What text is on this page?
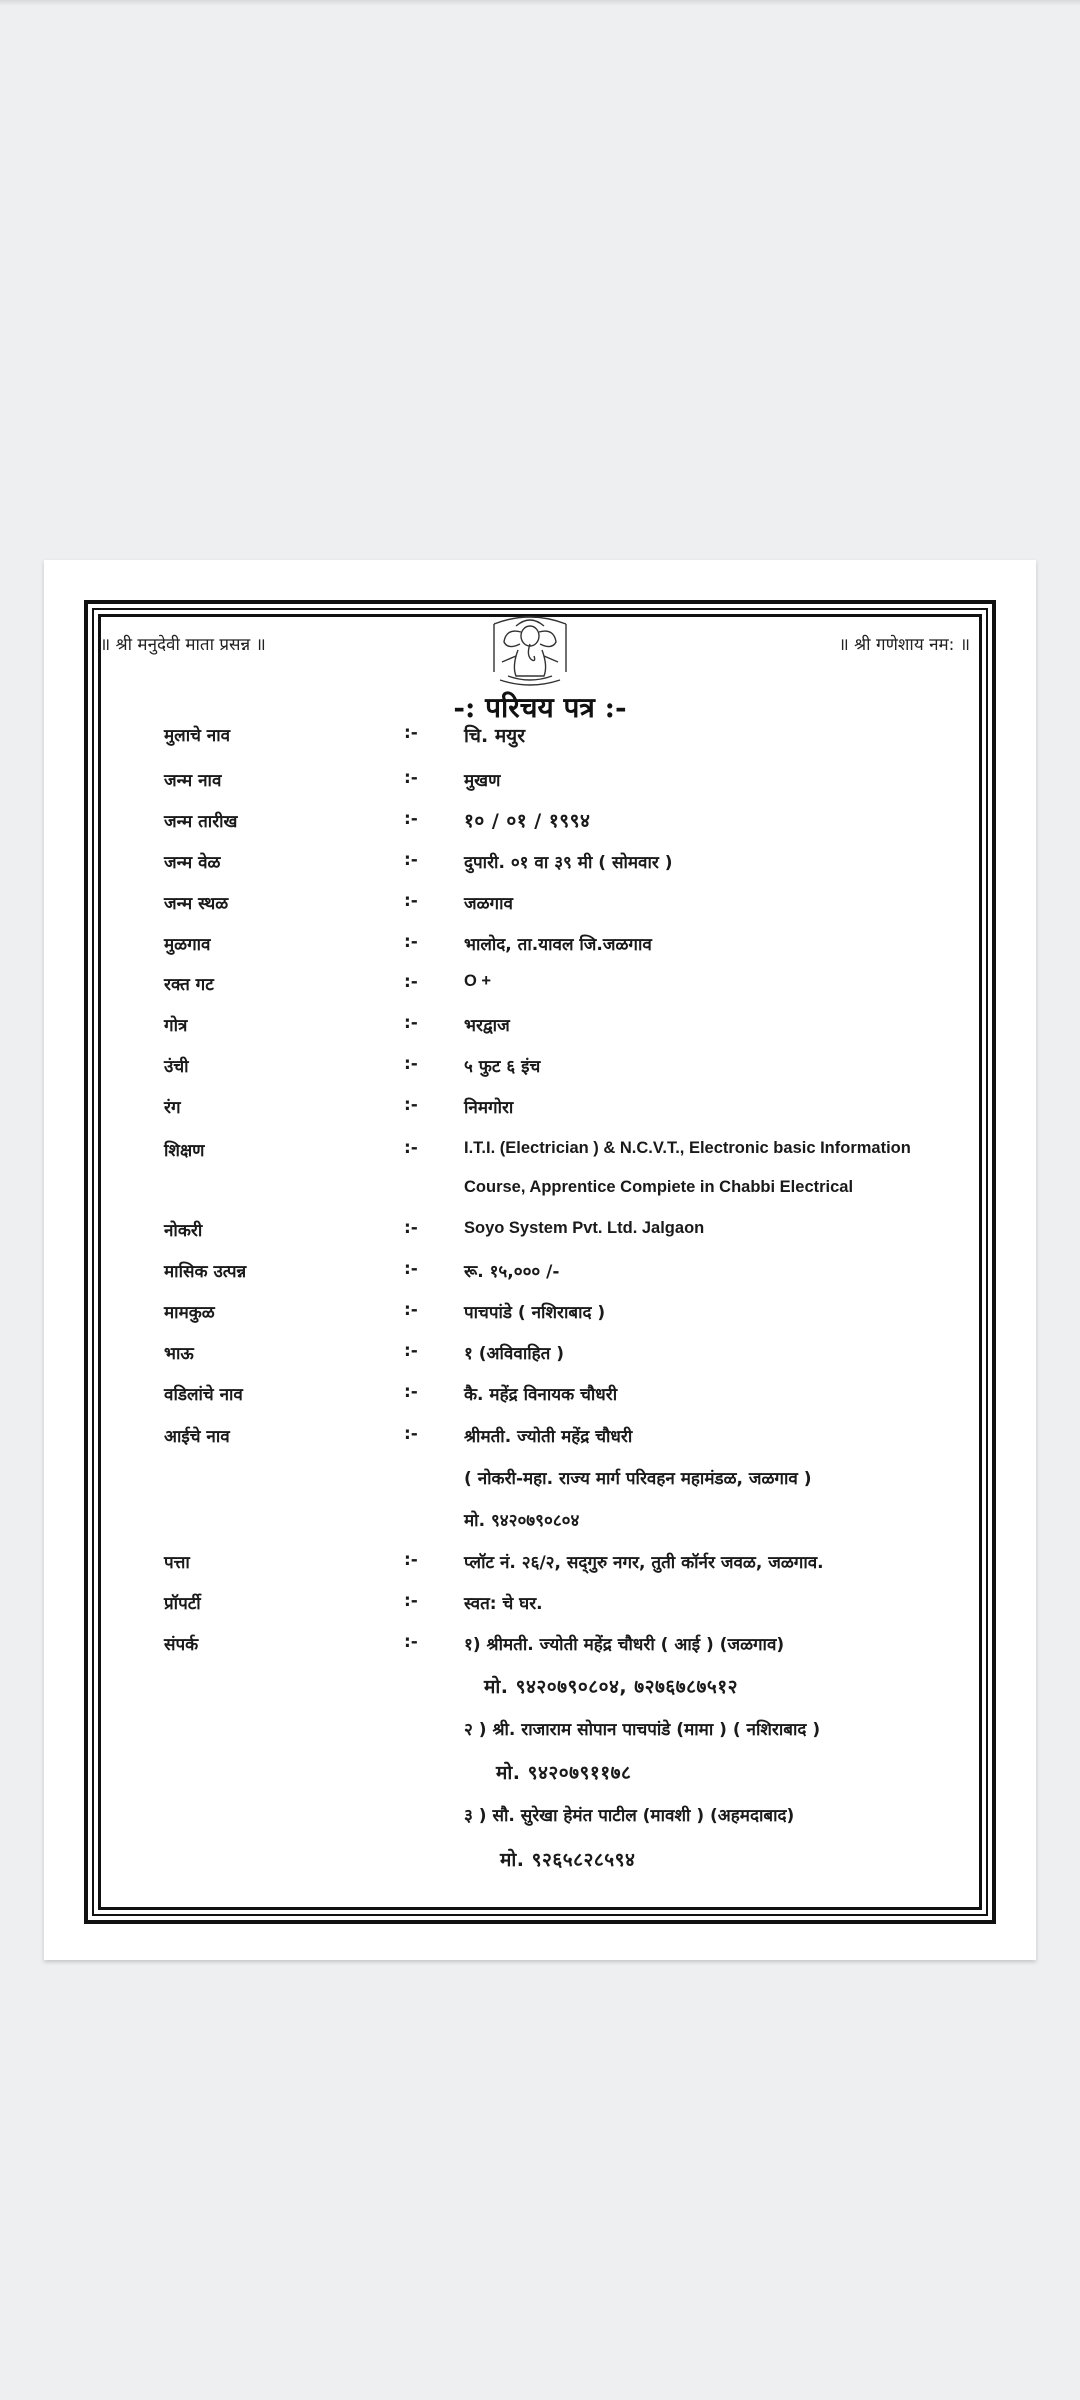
॥ श्री मनुदेवी माता प्रसन्न ॥	॥ श्री गणेशाय नम: ॥
-: परिचय पत्र :-
मुलाचे नाव	:- चि. मयुर
जन्म नाव	:-	मुखण
जन्म तारीख	:- १० / ०१ / १९९४
जन्म वेळ	:-	दुपारी. ०१ वा ३९ मी ( सोमवार )
जन्म स्थळ	:-	जळगाव
मुळगाव	:-	भालोद, ता.यावल जि.जळगाव
रक्त गट	:-	O +
गोत्र	:-	भरद्वाज
उंची	:-	५ फुट ६ इंच
रंग	:-	निमगोरा
शिक्षण	:-	I.T.I. (Electrician ) & N.C.V.T., Electronic basic Information
Course, Apprentice Compiete in Chabbi Electrical
नोकरी	:-	Soyo System Pvt. Ltd. Jalgaon
मासिक उत्पन्न	:-	रू. १५,००० /-
मामकुळ	:-	पाचपांडे ( नशिराबाद )
भाऊ	:-	१ (अविवाहित )
वडिलांचे नाव	:-	कै. महेंद्र विनायक चौधरी
आईचे नाव	:-	श्रीमती. ज्योती महेंद्र चौधरी
( नोकरी-महा. राज्य मार्ग परिवहन महामंडळ, जळगाव )
मो. ९४२०७९०८०४
पत्ता	:-	प्लॉट नं. २६/२, सद्‌गुरु नगर, तुती कॉर्नर जवळ, जळगाव.
प्रॉपर्टी	:-	स्वत: चे घर.
संपर्क	:-	१) श्रीमती. ज्योती महेंद्र चौधरी ( आई ) (जळगाव)
मो. ९४२०७९०८०४, ७२७६७८७५१२
२ ) श्री. राजाराम सोपान पाचपांडे (मामा ) ( नशिराबाद )
मो. ९४२०७९११७८
३ ) सौ. सुरेखा हेमंत पाटील (मावशी ) (अहमदाबाद)
मो. ९२६५८२८५९४
